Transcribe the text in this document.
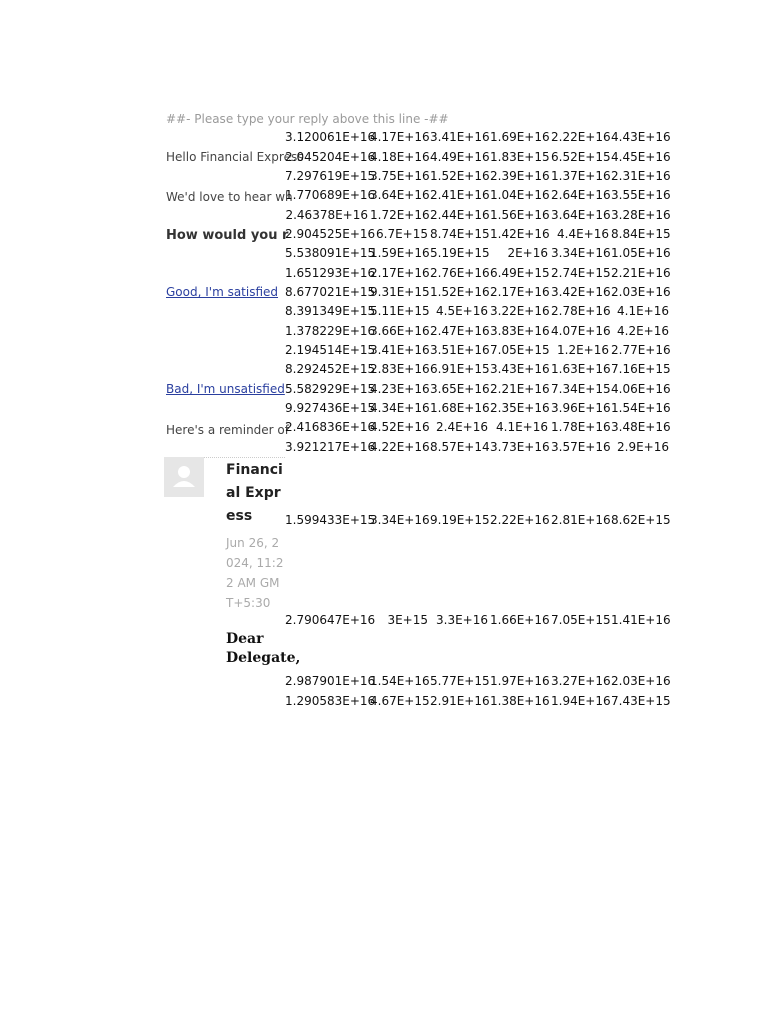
##- Please type your reply above this line -##
Hello Financial Express
We'd love to hear wh
How would you r
Good, I'm satisfied
Bad, I'm unsatisfied
Here's a reminder of
Financial Express
Jun 26, 2024, 11:22 AM GMT+5:30
Dear Delegate,
3.120061E+16
4.17E+16 3.41E+16 1.69E+16 2.22E+16 4.43E+16
2.045204E+16
4.18E+16 4.49E+16 1.83E+15 6.52E+15 4.45E+16
7.297619E+15
3.75E+16 1.52E+16 2.39E+16 1.37E+16 2.31E+16
1.770689E+16
3.64E+16 2.41E+16 1.04E+16 2.64E+16 3.55E+16
2.46378E+16 1.72E+16 2.44E+16 1.56E+16 3.64E+16 3.28E+16
2.904525E+16 6.7E+15 8.74E+15 1.42E+16 4.4E+16 8.84E+15
5.538091E+15
1.59E+16 5.19E+15	2E+16 3.34E+16 1.05E+16
1.651293E+16
2.17E+16 2.76E+16 6.49E+15 2.74E+15 2.21E+16
8.677021E+15
9.31E+15 1.52E+16 2.17E+16 3.42E+16 2.03E+16
8.391349E+15
5.11E+15 4.5E+16 3.22E+16 2.78E+16 4.1E+16
1.378229E+16
3.66E+16 2.47E+16 3.83E+16 4.07E+16 4.2E+16
2.194514E+15
3.41E+16 3.51E+16 7.05E+15 1.2E+16 2.77E+16
8.292452E+15
2.83E+16 6.91E+15 3.43E+16 1.63E+16 7.16E+15
5.582929E+15
4.23E+16 3.65E+16 2.21E+16 7.34E+15 4.06E+16
9.927436E+15
4.34E+16 1.68E+16 2.35E+16 3.96E+16 1.54E+16
2.416836E+16
4.52E+16 2.4E+16 4.1E+16 1.78E+16 3.48E+16
3.921217E+16
4.22E+16 8.57E+14 3.73E+16 3.57E+16 2.9E+16
1.599433E+15
3.34E+16 9.19E+15 2.22E+16 2.81E+16 8.62E+15
2.790647E+16	3E+15 3.3E+16 1.66E+16 7.05E+15 1.41E+16
2.987901E+16
1.54E+16 5.77E+15 1.97E+16 3.27E+16 2.03E+16
1.290583E+16
4.67E+15 2.91E+16 1.38E+16 1.94E+16 7.43E+15
